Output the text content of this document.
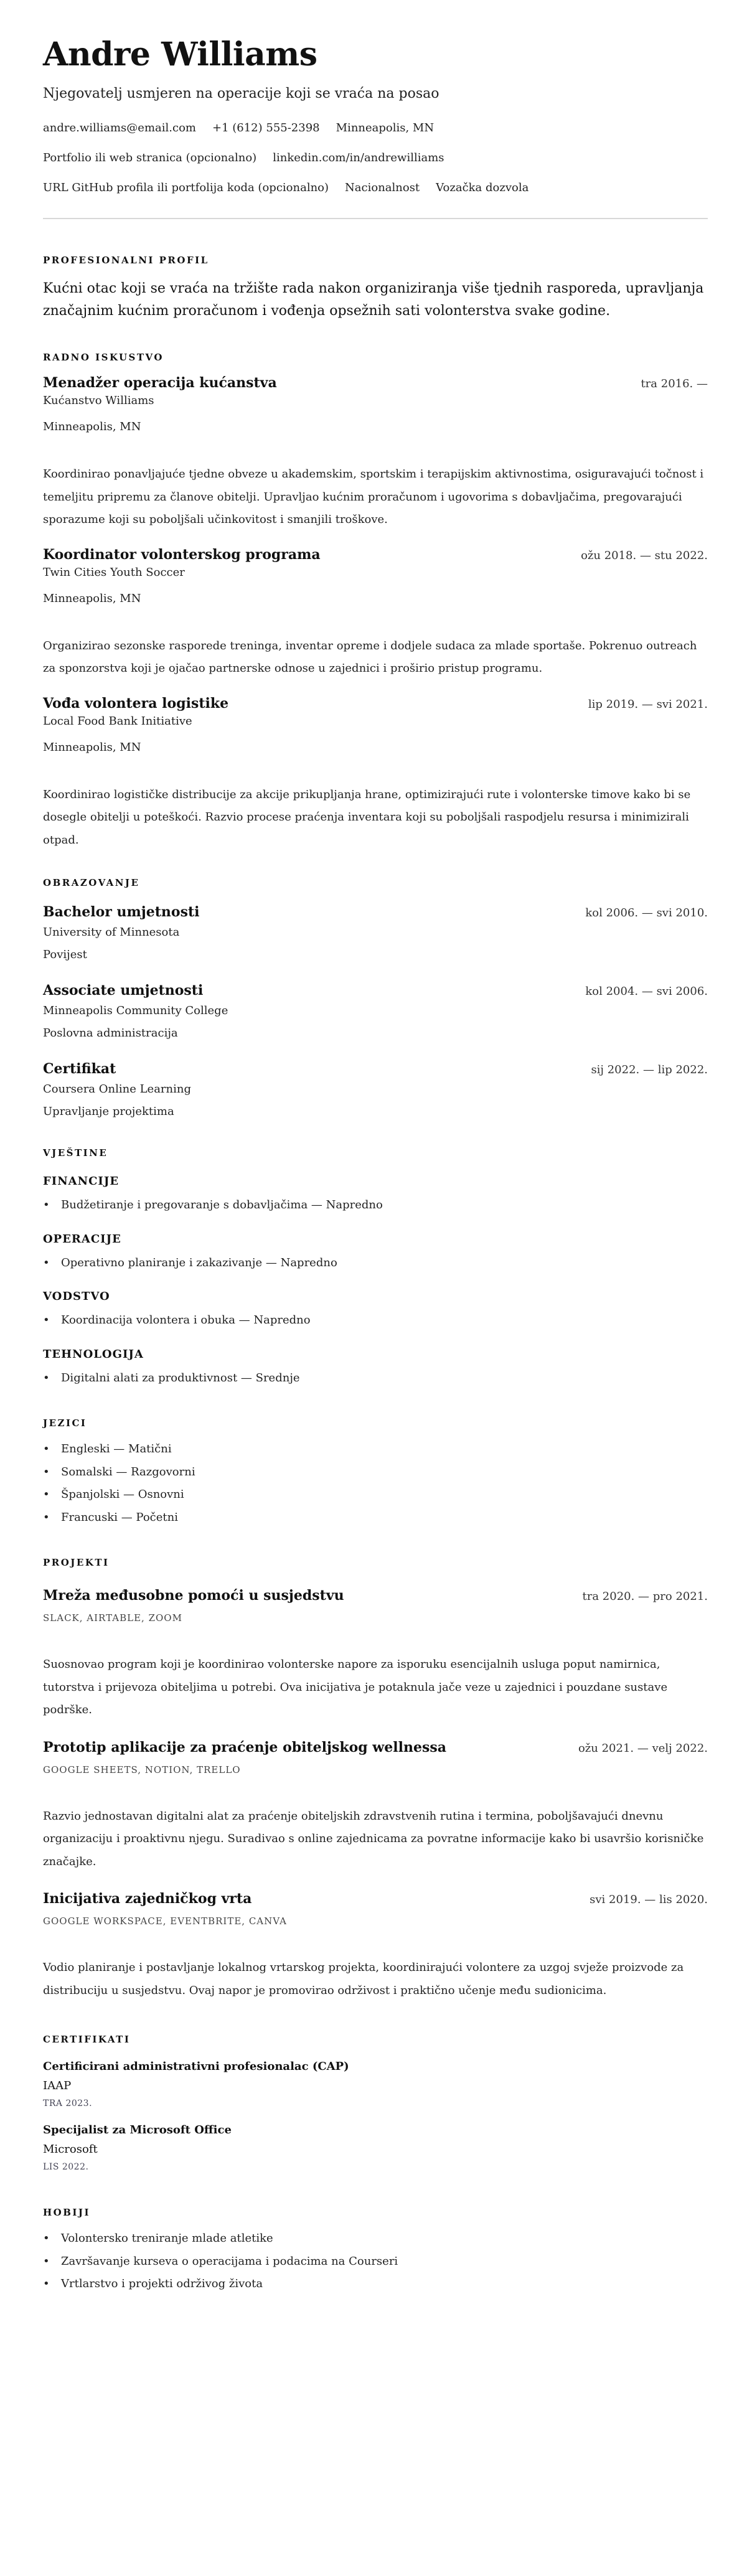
Andre Williams
Njegovatelj usmjeren na operacije koji se vraća na posao
andre.williams@email.com +1 (612) 555-2398 Minneapolis, MN
Portfolio ili web stranica (opcionalno) linkedin.com/in/andrewilliams
URL GitHub profila ili portfolija koda (opcionalno) Nacionalnost Vozačka dozvola
PROFESIONALNI PROFIL

Kućni otac koji se vraća na tržište rada nakon organiziranja više tjednih rasporeda, upravljanja značajnim kućnim proračunom i vođenja opsežnih sati volonterstva svake godine.

RADNO ISKUSTVO
Menadžer operacija kućanstva	tra 2016. —
Kućanstvo Williams
Minneapolis, MN

Koordinirao ponavljajuće tjedne obveze u akademskim, sportskim i terapijskim aktivnostima, osiguravajući točnost i temeljitu pripremu za članove obitelji. Upravljao kućnim proračunom i ugovorima s dobavljačima, pregovarajući sporazume koji su poboljšali učinkovitost i smanjili troškove.

Koordinator volonterskog programa	ožu 2018. — stu 2022.
Twin Cities Youth Soccer
Minneapolis, MN

Organizirao sezonske rasporede treninga, inventar opreme i dodjele sudaca za mlade sportaše. Pokrenuo outreach za sponzorstva koji je ojačao partnerske odnose u zajednici i proširio pristup programu.

Vođa volontera logistike	lip 2019. — svi 2021.
Local Food Bank Initiative
Minneapolis, MN

Koordinirao logističke distribucije za akcije prikupljanja hrane, optimizirajući rute i volonterske timove kako bi se dosegle obitelji u poteškoći. Razvio procese praćenja inventara koji su poboljšali raspodjelu resursa i minimizirali otpad.

OBRAZOVANJE
Bachelor umjetnosti	kol 2006. — svi 2010.
University of Minnesota
Povijest
Associate umjetnosti	kol 2004. — svi 2006.
Minneapolis Community College
Poslovna administracija
Certifikat	sij 2022. — lip 2022.
Coursera Online Learning
Upravljanje projektima
VJEŠTINE
FINANCIJE
• Budžetiranje i pregovaranje s dobavljačima — Napredno
OPERACIJE
• Operativno planiranje i zakazivanje — Napredno
VODSTVO
• Koordinacija volontera i obuka — Napredno
TEHNOLOGIJA
• Digitalni alati za produktivnost — Srednje
JEZICI
• Engleski — Matični
• Somalski — Razgovorni
• Španjolski — Osnovni
• Francuski — Početni
PROJEKTI
Mreža međusobne pomoći u susjedstvu	tra 2020. — pro 2021.
SLACK, AIRTABLE, ZOOM

Suosnovao program koji je koordinirao volonterske napore za isporuku esencijalnih usluga poput namirnica, tutorstva i prijevoza obiteljima u potrebi. Ova inicijativa je potaknula jače veze u zajednici i pouzdane sustave podrške.

Prototip aplikacije za praćenje obiteljskog wellnessa	ožu 2021. — velj 2022.
GOOGLE SHEETS, NOTION, TRELLO

Razvio jednostavan digitalni alat za praćenje obiteljskih zdravstvenih rutina i termina, poboljšavajući dnevnu organizaciju i proaktivnu njegu. Suradivao s online zajednicama za povratne informacije kako bi usavršio korisničke značajke.

Inicijativa zajedničkog vrta	svi 2019. — lis 2020.
GOOGLE WORKSPACE, EVENTBRITE, CANVA

Vodio planiranje i postavljanje lokalnog vrtarskog projekta, koordinirajući volontere za uzgoj svježe proizvode za distribuciju u susjedstvu. Ovaj napor je promovirao održivost i praktično učenje među sudionicima.

CERTIFIKATI
Certificirani administrativni profesionalac (CAP)
IAAP
TRA 2023.
Specijalist za Microsoft Office
Microsoft
LIS 2022.
HOBIJI
• Volontersko treniranje mlade atletike
• Završavanje kurseva o operacijama i podacima na Courseri
• Vrtlarstvo i projekti održivog života
